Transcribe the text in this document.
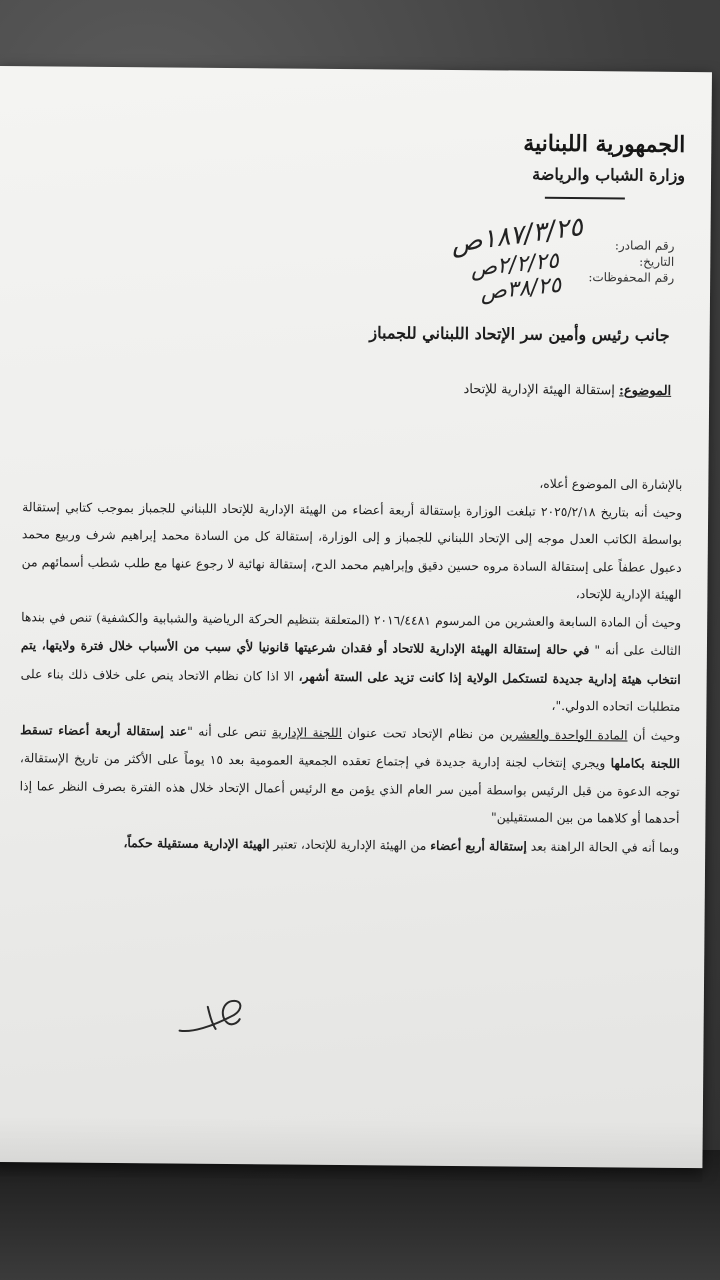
الجمهورية اللبنانية
وزارة الشباب والرياضة
رقم الصادر:
التاريخ:
رقم المحفوظات:
١٨٧/٣/٢٥ص
٢/٢/٢٥ص
٣٨/٢٥ص
جانب رئيس وأمين سر الإتحاد اللبناني للجمباز
الموضوع: إستقالة الهيئة الإدارية للإتحاد

بالإشارة الى الموضوع أعلاه،

وحيث أنه بتاريخ ٢٠٢٥/٢/١٨ تبلغت الوزارة بإستقالة أربعة أعضاء من الهيئة الإدارية للإتحاد اللبناني للجمباز بموجب كتابي إستقالة بواسطة الكاتب العدل موجه إلى الإتحاد اللبناني للجمباز و إلى الوزارة، إستقالة كل من السادة محمد إبراهيم شرف وربيع محمد دعبول عطفاً على إستقالة السادة مروه حسين دقيق وإبراهيم محمد الدح، إستقالة نهائية لا رجوع عنها مع طلب شطب أسمائهم من الهيئة الإدارية للإتحاد،

وحيث أن المادة السابعة والعشرين من المرسوم ٢٠١٦/٤٤٨١ (المتعلقة بتنظيم الحركة الرياضية والشبابية والكشفية) تنص في بندها الثالث على أنه " في حالة إستقالة الهيئة الإدارية للاتحاد أو فقدان شرعيتها قانونيا لأي سبب من الأسباب خلال فترة ولايتها، يتم انتخاب هيئة إدارية جديدة لتستكمل الولاية إذا كانت تزيد على الستة أشهر، الا اذا كان نظام الاتحاد ينص على خلاف ذلك بناء على متطلبات اتحاده الدولي."،

وحيث أن المادة الواحدة والعشرين من نظام الإتحاد تحت عنوان اللجنة الإدارية تنص على أنه "عند إستقالة أربعة أعضاء تسقط اللجنة بكاملها ويجري إنتخاب لجنة إدارية جديدة في إجتماع تعقده الجمعية العمومية بعد ١٥ يوماً على الأكثر من تاريخ الإستقالة، توجه الدعوة من قبل الرئيس بواسطة أمين سر العام الذي يؤمن مع الرئيس أعمال الإتحاد خلال هذه الفترة بصرف النظر عما إذا أحدهما أو كلاهما من بين المستقيلين"

وبما أنه في الحالة الراهنة بعد إستقالة أربع أعضاء من الهيئة الإدارية للإتحاد، تعتبر الهيئة الإدارية مستقيلة حكماً،
